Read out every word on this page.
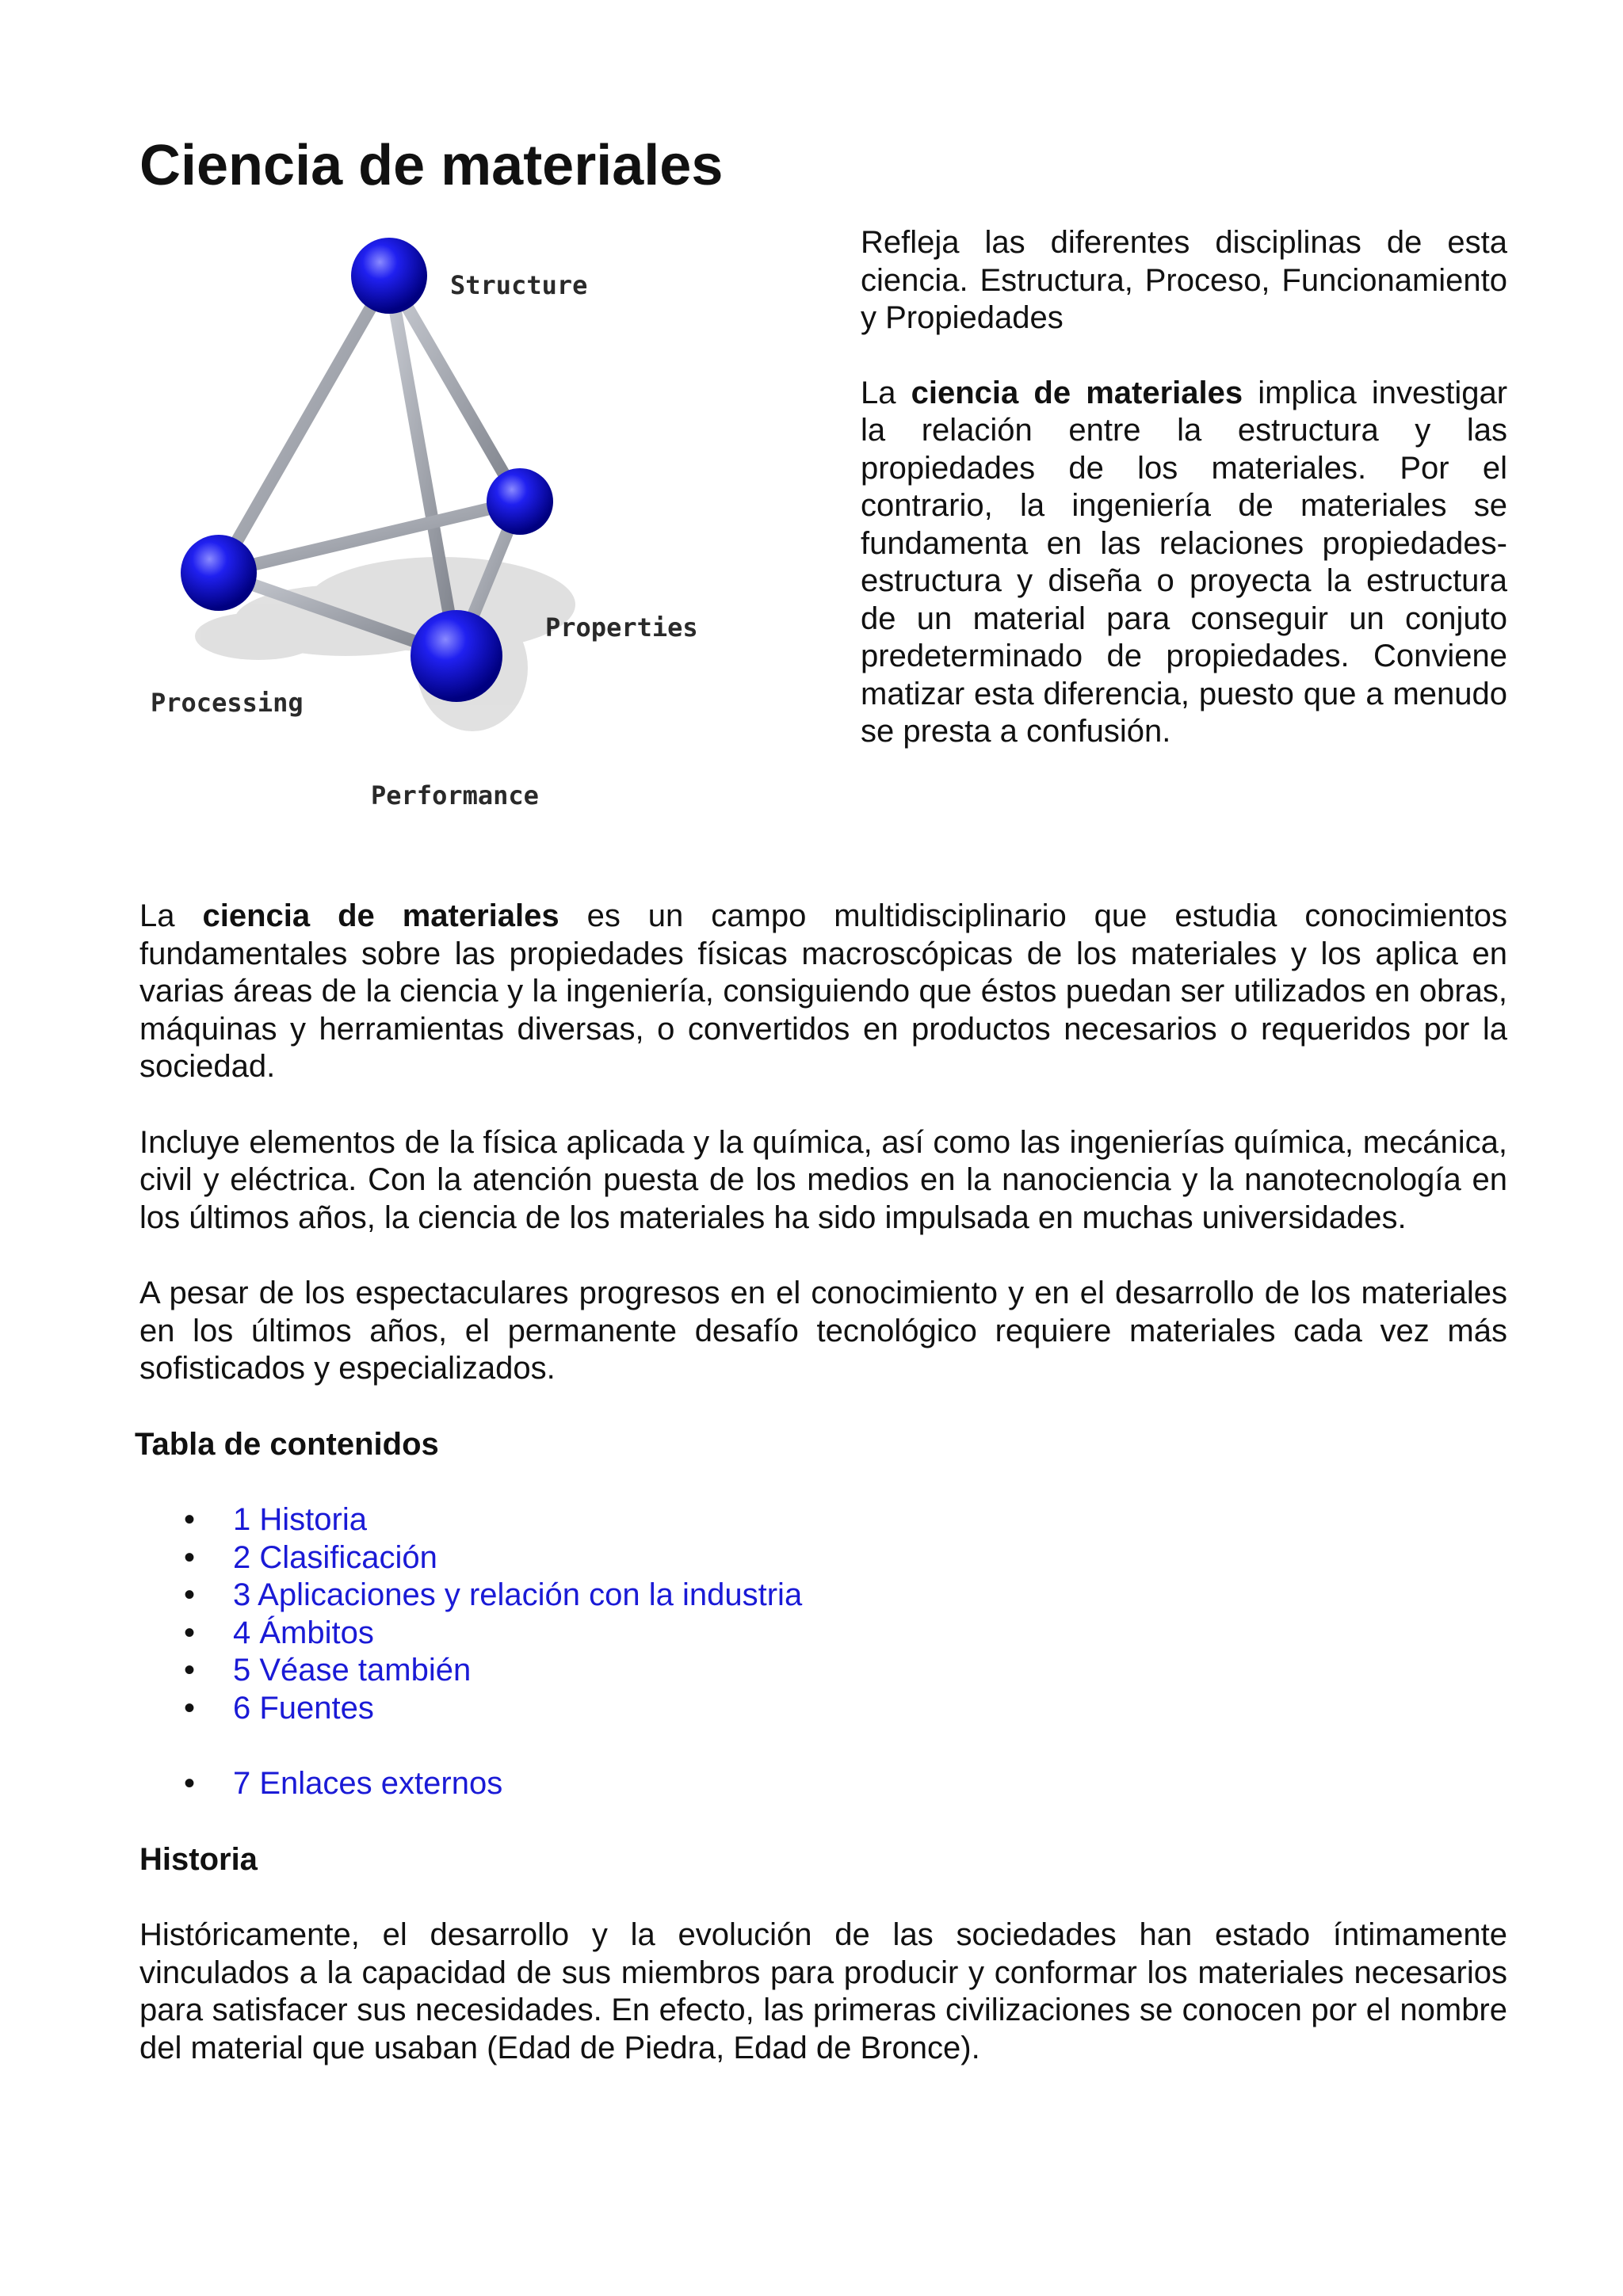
Ciencia de materiales
Structure
Properties
Processing
Performance

Refleja las diferentes disciplinas de esta ciencia. Estructura, Proceso, Funcionamiento y Propiedades

La ciencia de materiales implica investigar la relación entre la estructura y las propiedades de los materiales. Por el contrario, la ingeniería de materiales se fundamenta en las relaciones propiedades-estructura y diseña o proyecta la estructura de un material para conseguir un conjuto predeterminado de propiedades. Conviene matizar esta diferencia, puesto que a menudo se presta a confusión.

La ciencia de materiales es un campo multidisciplinario que estudia conocimientos fundamentales sobre las propiedades físicas macroscópicas de los materiales y los aplica en varias áreas de la ciencia y la ingeniería, consiguiendo que éstos puedan ser utilizados en obras, máquinas y herramientas diversas, o convertidos en productos necesarios o requeridos por la sociedad.

Incluye elementos de la física aplicada y la química, así como las ingenierías química, mecánica, civil y eléctrica. Con la atención puesta de los medios en la nanociencia y la nanotecnología en los últimos años, la ciencia de los materiales ha sido impulsada en muchas universidades.

A pesar de los espectaculares progresos en el conocimiento y en el desarrollo de los materiales en los últimos años, el permanente desafío tecnológico requiere materiales cada vez más sofisticados y especializados.

Tabla de contenidos
• 1 Historia
• 2 Clasificación
• 3 Aplicaciones y relación con la industria
• 4 Ámbitos
• 5 Véase también
• 6 Fuentes
• 7 Enlaces externos
Historia

Históricamente, el desarrollo y la evolución de las sociedades han estado íntimamente vinculados a la capacidad de sus miembros para producir y conformar los materiales necesarios para satisfacer sus necesidades. En efecto, las primeras civilizaciones se conocen por el nombre del material que usaban (Edad de Piedra, Edad de Bronce).
